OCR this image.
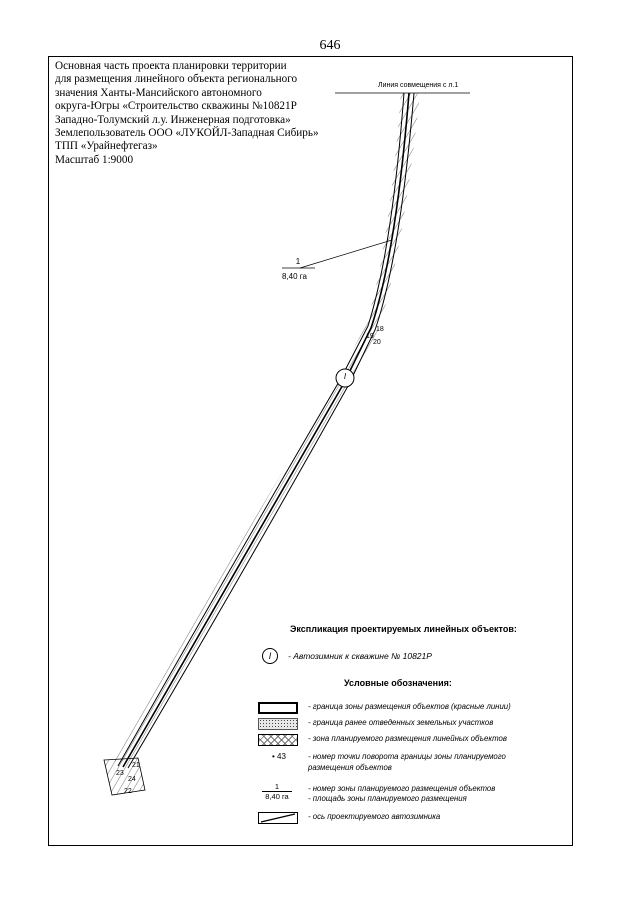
646
Основная часть проекта планировки территории
для размещения линейного объекта регионального
значения Ханты-Мансийского автономного
округа-Югры «Строительство скважины №10821Р
Западно-Толумский л.у. Инженерная подготовка»
Землепользователь ООО «ЛУКОЙЛ-Западная Сибирь»
ТПП «Урайнефтегаз»
Масштаб 1:9000
Линия совмещения с л.1
1
8,40 га
I
18
19
20
21
22
23
24
Экспликация проектируемых линейных объектов:
I	- Автозимник к скважине № 10821Р
Условные обозначения:
- граница зоны размещения объектов (красные линии)
- граница ранее отведенных земельных участков
- зона планируемого размещения линейных объектов
• 43	- номер точки поворота границы зоны планируемого
размещения объектов
1
8,40 га
- номер зоны планируемого размещения объектов
- площадь зоны планируемого размещения
- ось проектируемого автозимника
